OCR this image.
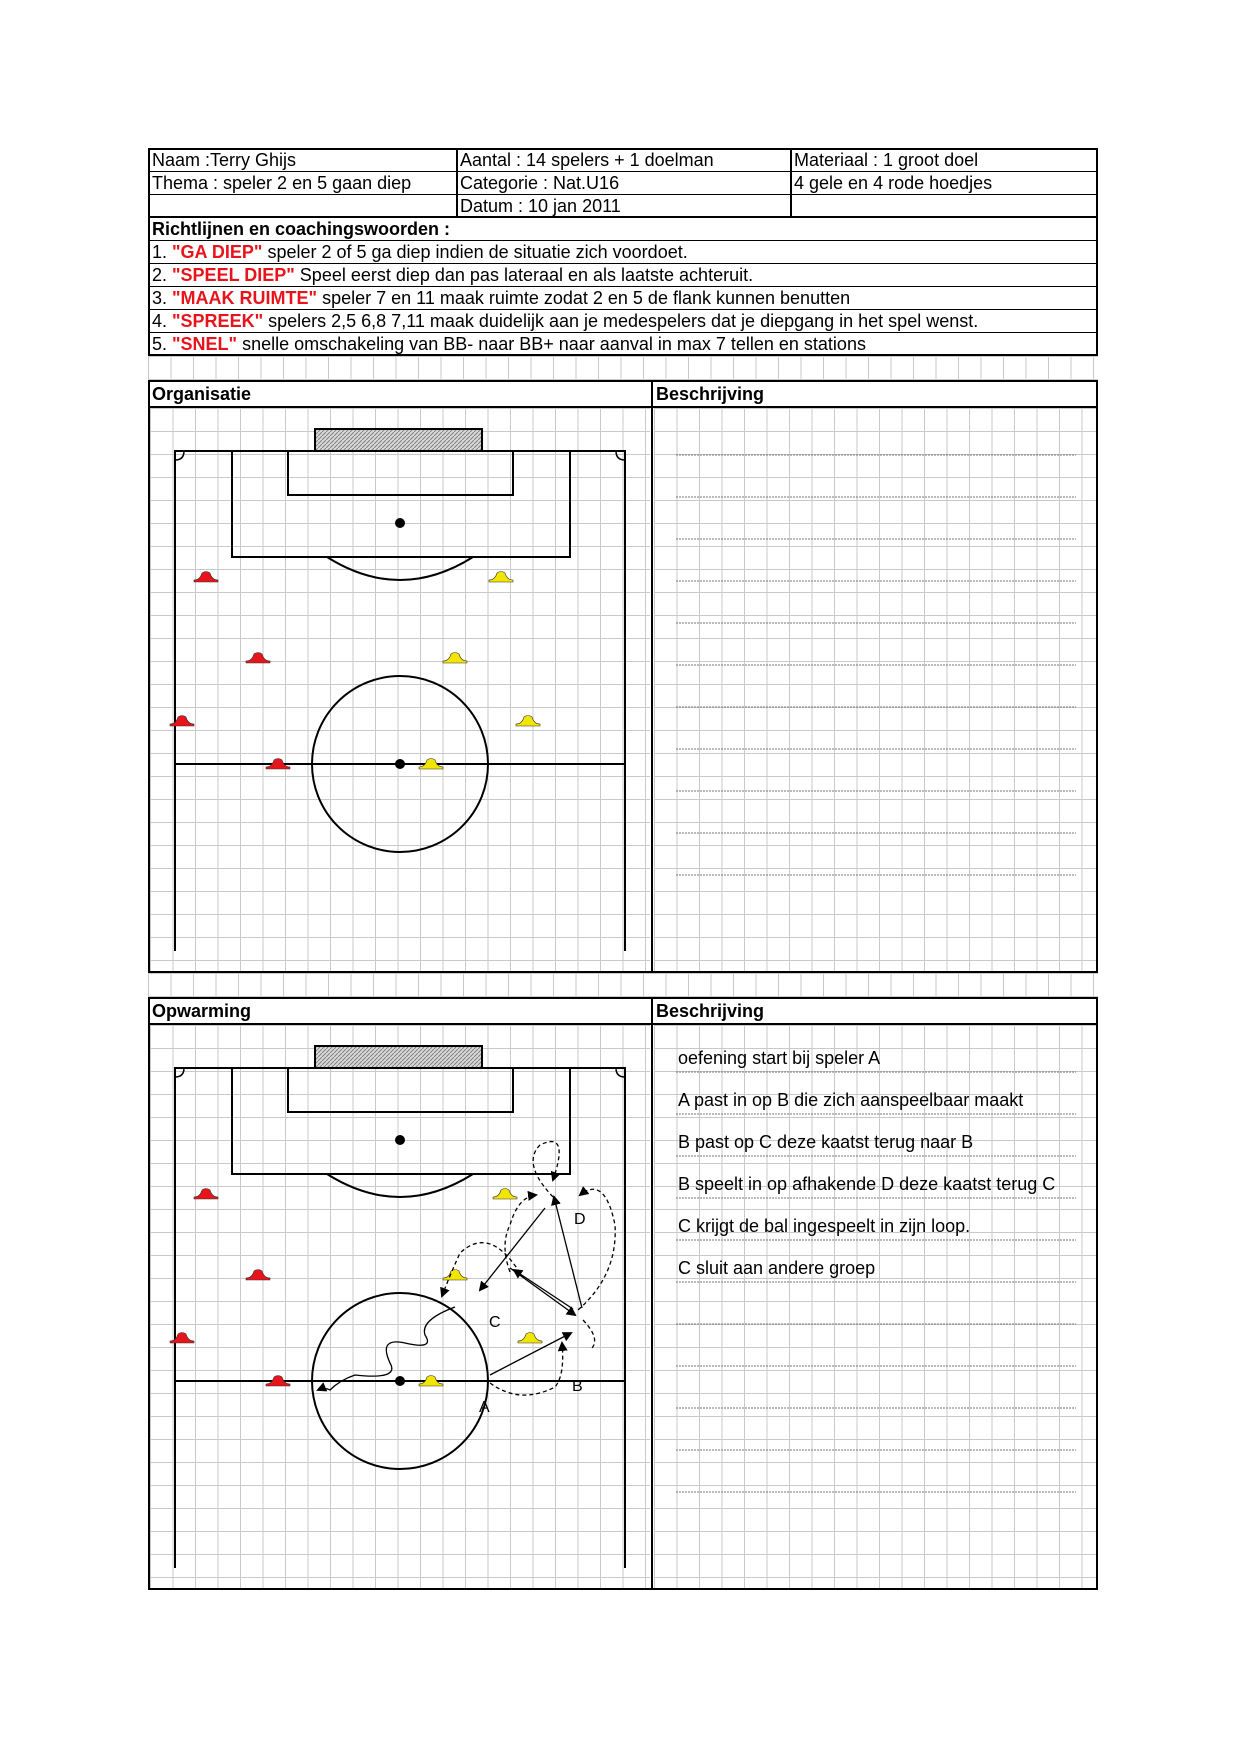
Naam :Terry Ghijs
Thema : speler 2 en 5 gaan diep
Aantal : 14 spelers + 1 doelman
Categorie : Nat.U16
Datum : 10 jan 2011
Materiaal : 1 groot doel
4 gele en 4 rode hoedjes
Richtlijnen en coachingswoorden :
1. "GA DIEP" speler 2 of 5 ga diep indien de situatie zich voordoet.
2. "SPEEL DIEP" Speel eerst diep dan pas lateraal en als laatste achteruit.
3. "MAAK RUIMTE" speler 7 en 11 maak ruimte zodat 2 en 5 de flank kunnen benutten
4. "SPREEK" spelers 2,5 6,8 7,11 maak duidelijk aan je medespelers dat je diepgang in het spel wenst.
5. "SNEL" snelle omschakeling van BB- naar BB+ naar aanval in max 7 tellen en stations
Organisatie	Beschrijving
Opwarming	Beschrijving
D
C
B
A
oefening start bij speler A
A past in op B die zich aanspeelbaar maakt
B past op C deze kaatst terug naar B
B speelt in op afhakende D deze kaatst terug C
C krijgt de bal ingespeelt in zijn loop.
C sluit aan andere groep
